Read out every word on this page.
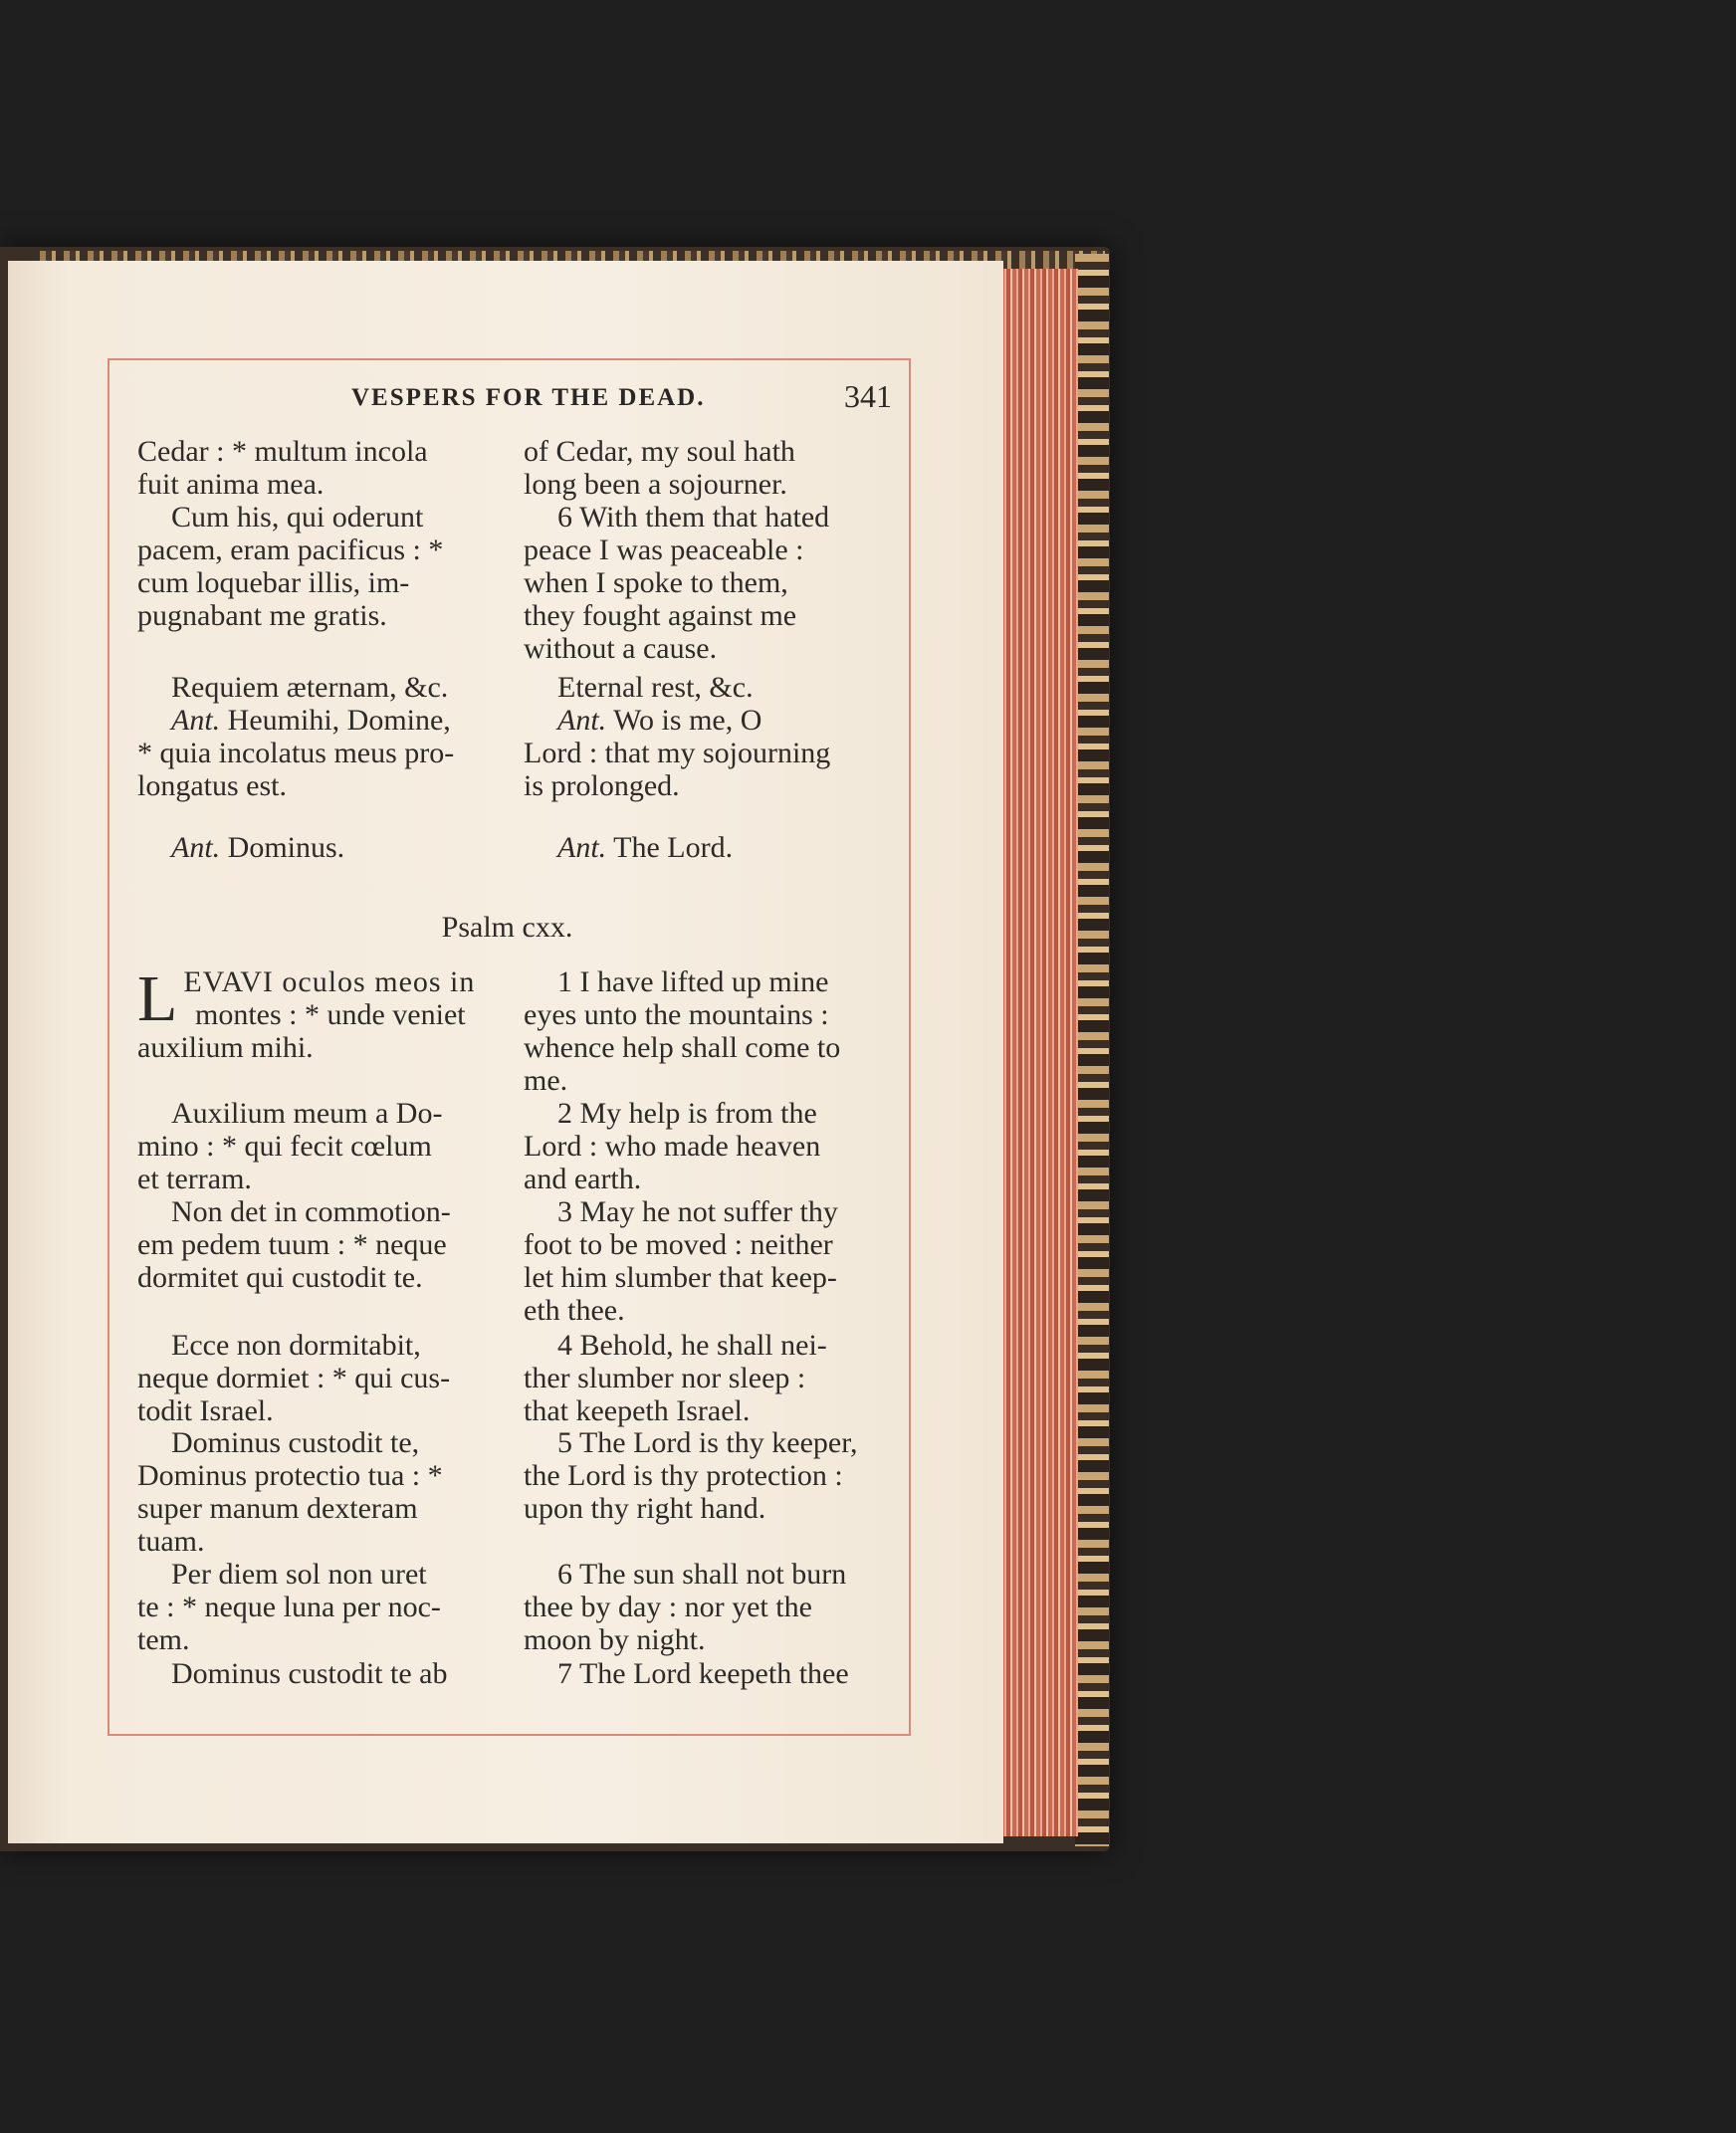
VESPERS FOR THE DEAD.	341
Cedar : * multum incola
fuit anima mea.
Cum his, qui oderunt
pacem, eram pacificus : *
cum loquebar illis, im-
pugnabant me gratis.
Requiem æternam, &c.
Ant. Heumihi, Domine,
* quia incolatus meus pro-
longatus est.
Ant. Dominus.
L EVAVI oculos meos in
montes : * unde veniet
auxilium mihi.
Auxilium meum a Do-
mino : * qui fecit cœlum
et terram.
Non det in commotion-
em pedem tuum : * neque
dormitet qui custodit te.
Ecce non dormitabit,
neque dormiet : * qui cus-
todit Israel.
Dominus custodit te,
Dominus protectio tua : *
super manum dexteram
tuam.
Per diem sol non uret
te : * neque luna per noc-
tem.
Dominus custodit te ab
of Cedar, my soul hath
long been a sojourner.
6 With them that hated
peace I was peaceable :
when I spoke to them,
they fought against me
without a cause.
Eternal rest, &c.
Ant. Wo is me, O
Lord : that my sojourning
is prolonged.
Ant. The Lord.
1 I have lifted up mine
eyes unto the mountains :
whence help shall come to
me.
2 My help is from the
Lord : who made heaven
and earth.
3 May he not suffer thy
foot to be moved : neither
let him slumber that keep-
eth thee.
4 Behold, he shall nei-
ther slumber nor sleep :
that keepeth Israel.
5 The Lord is thy keeper,
the Lord is thy protection :
upon thy right hand.
6 The sun shall not burn
thee by day : nor yet the
moon by night.
7 The Lord keepeth thee
Psalm cxx.
